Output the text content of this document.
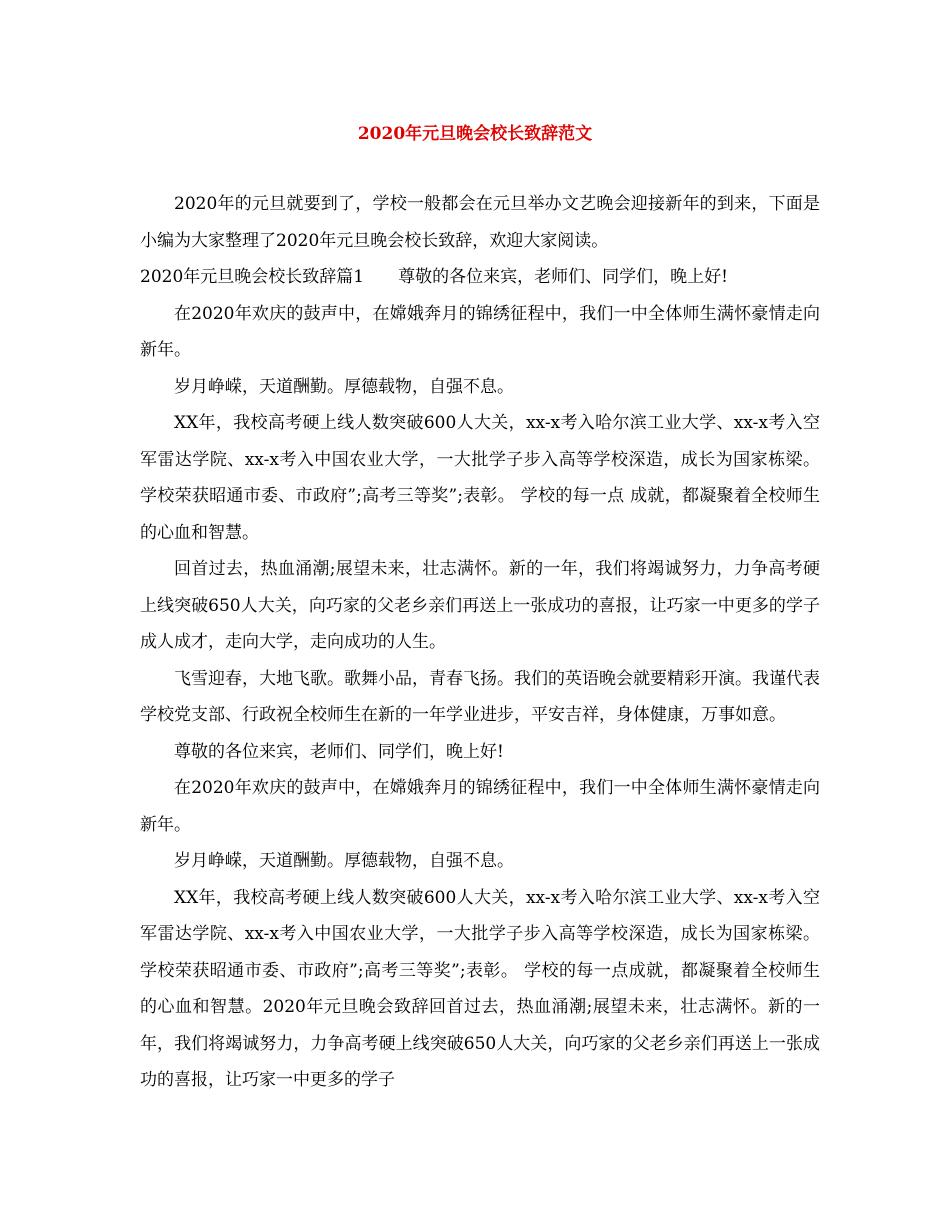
2020年元旦晚会校长致辞范文

2020年的元旦就要到了，学校一般都会在元旦举办文艺晚会迎接新年的到来，下面是小编为大家整理了2020年元旦晚会校长致辞，欢迎大家阅读。

2020年元旦晚会校长致辞篇1 尊敬的各位来宾，老师们、同学们，晚上好!

在2020年欢庆的鼓声中，在嫦娥奔月的锦绣征程中，我们一中全体师生满怀豪情走向新年。

岁月峥嵘，天道酬勤。厚德载物，自强不息。

XX年，我校高考硬上线人数突破600人大关，xx-x考入哈尔滨工业大学、xx-x考入空军雷达学院、xx-x考入中国农业大学，一大批学子步入高等学校深造，成长为国家栋梁。学校荣获昭通市委、市政府”;高考三等奖”;表彰。 学校的每一点 成就，都凝聚着全校师生的心血和智慧。

回首过去，热血涌潮;展望未来，壮志满怀。新的一年，我们将竭诚努力，力争高考硬上线突破650人大关，向巧家的父老乡亲们再送上一张成功的喜报，让巧家一中更多的学子成人成才，走向大学，走向成功的人生。

飞雪迎春，大地飞歌。歌舞小品，青春飞扬。我们的英语晚会就要精彩开演。我谨代表学校党支部、行政祝全校师生在新的一年学业进步，平安吉祥，身体健康，万事如意。

尊敬的各位来宾，老师们、同学们，晚上好!

在2020年欢庆的鼓声中，在嫦娥奔月的锦绣征程中，我们一中全体师生满怀豪情走向新年。

岁月峥嵘，天道酬勤。厚德载物，自强不息。

XX年，我校高考硬上线人数突破600人大关，xx-x考入哈尔滨工业大学、xx-x考入空军雷达学院、xx-x考入中国农业大学，一大批学子步入高等学校深造，成长为国家栋梁。学校荣获昭通市委、市政府”;高考三等奖”;表彰。 学校的每一点成就，都凝聚着全校师生的心血和智慧。2020年元旦晚会致辞回首过去，热血涌潮;展望未来，壮志满怀。新的一年，我们将竭诚努力，力争高考硬上线突破650人大关，向巧家的父老乡亲们再送上一张成功的喜报，让巧家一中更多的学子
